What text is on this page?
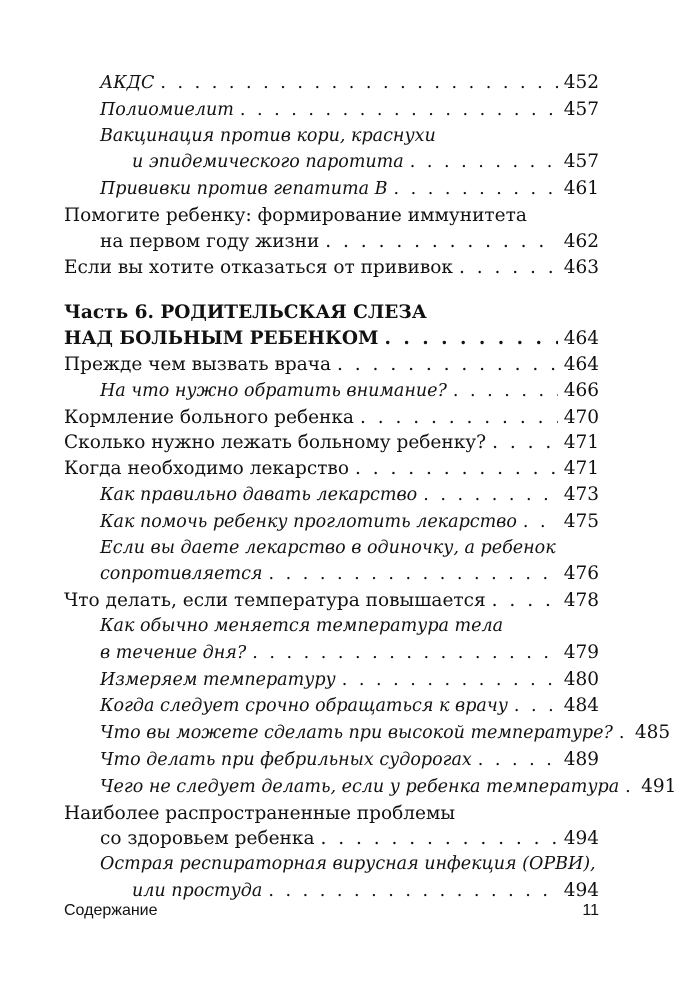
АКДС . . .	452
Полиомиелит . . .	457
Вакцинация против кори, краснухи
и эпидемического паротита . . .	457
Прививки против гепатита В . . .	461
Помогите ребенку: формирование иммунитета
на первом году жизни . . .	462
Если вы хотите отказаться от прививок . . .	463
Часть 6. РОДИТЕЛЬСКАЯ СЛЕЗА
НАД БОЛЬНЫМ РЕБЕНКОМ . . .	464
Прежде чем вызвать врача . . .	464
На что нужно обратить внимание? . . .	466
Кормление больного ребенка . . .	470
Сколько нужно лежать больному ребенку? . . .	471
Когда необходимо лекарство . . .	471
Как правильно давать лекарство . . .	473
Как помочь ребенку проглотить лекарство . . .	475
Если вы даете лекарство в одиночку, а ребенок
сопротивляется . . .	476
Что делать, если температура повышается . . .	478
Как обычно меняется температура тела
в течение дня? . . .	479
Измеряем температуру . . .	480
Когда следует срочно обращаться к врачу . . .	484
Что вы можете сделать при высокой температуре? . . . 485
Что делать при фебрильных судорогах . . .	489
Чего не следует делать, если у ребенка температура . . . 491
Наиболее распространенные проблемы
со здоровьем ребенка . . .	494
Острая респираторная вирусная инфекция (ОРВИ),
или простуда . . .	494
Содержание	11
